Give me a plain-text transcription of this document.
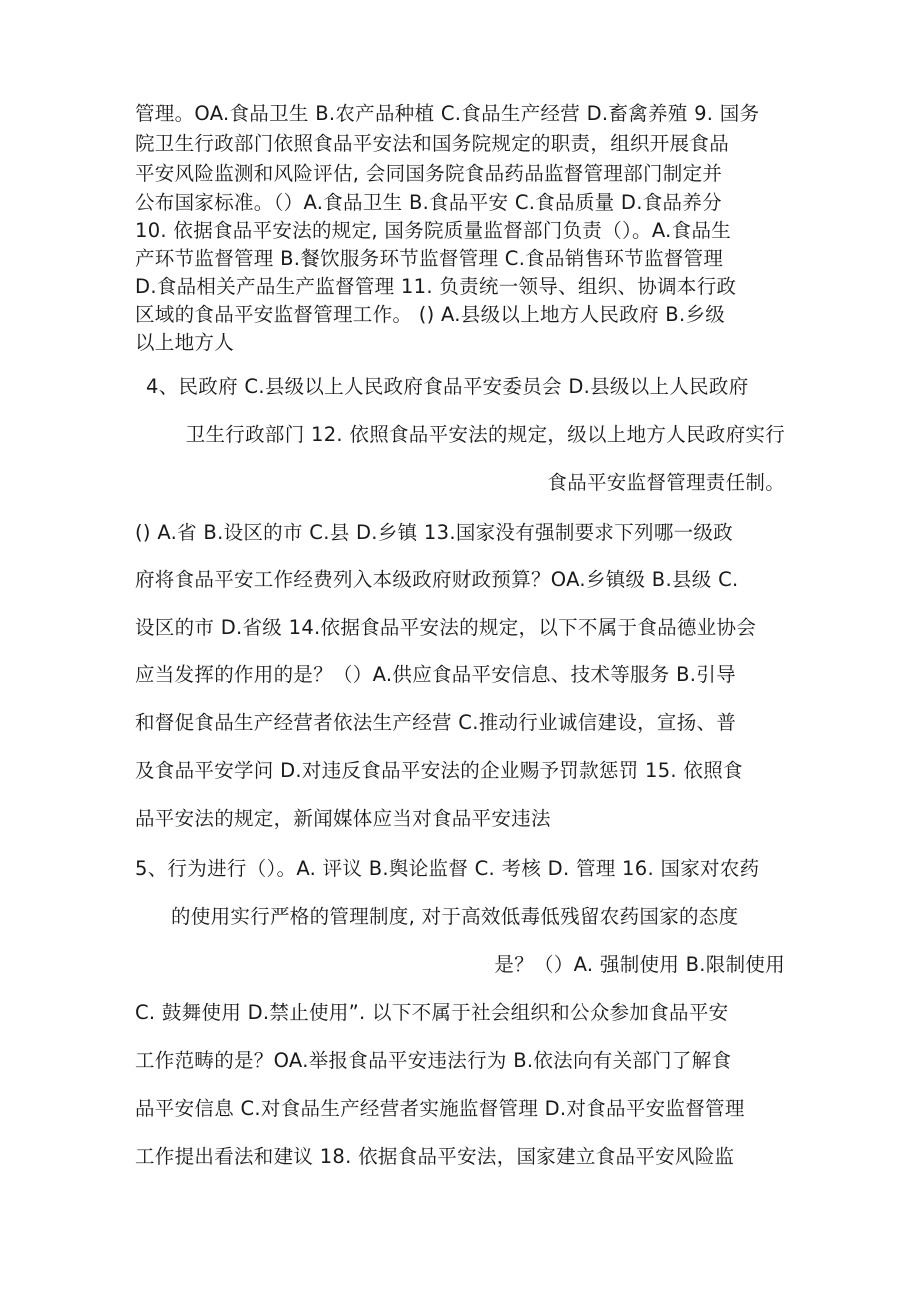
管理。OA.食品卫生 B.农产品种植 C.食品生产经营 D.畜禽养殖 9. 国务

院卫生行政部门依照食品平安法和国务院规定的职责，组织开展食品

平安风险监测和风险评估, 会同国务院食品药品监督管理部门制定并

公布国家标准。（）A.食品卫生 B.食品平安 C.食品质量 D.食品养分

10. 依据食品平安法的规定, 国务院质量监督部门负责（）。A.食品生

产环节监督管理 B.餐饮服务环节监督管理 C.食品销售环节监督管理

D.食品相关产品生产监督管理 11. 负责统一领导、组织、协调本行政

区域的食品平安监督管理工作。 () A.县级以上地方人民政府 B.乡级

以上地方人

4、民政府 C.县级以上人民政府食品平安委员会 D.县级以上人民政府

卫生行政部门 12. 依照食品平安法的规定，级以上地方人民政府实行

食品平安监督管理责任制。

() A.省 B.设区的市 C.县 D.乡镇 13.国家没有强制要求下列哪一级政

府将食品平安工作经费列入本级政府财政预算？OA.乡镇级 B.县级 C.

设区的市 D.省级 14.依据食品平安法的规定，以下不属于食品德业协会

应当发挥的作用的是？（）A.供应食品平安信息、技术等服务 B.引导

和督促食品生产经营者依法生产经营 C.推动行业诚信建设，宣扬、普

及食品平安学问 D.对违反食品平安法的企业赐予罚款惩罚 15. 依照食

品平安法的规定，新闻媒体应当对食品平安违法

5、行为进行（）。A. 评议 B.舆论监督 C. 考核 D. 管理 16. 国家对农药

的使用实行严格的管理制度, 对于高效低毒低残留农药国家的态度

是？（）A. 强制使用 B.限制使用

C. 鼓舞使用 D.禁止使用”. 以下不属于社会组织和公众参加食品平安

工作范畴的是？OA.举报食品平安违法行为 B.依法向有关部门了解食

品平安信息 C.对食品生产经营者实施监督管理 D.对食品平安监督管理

工作提出看法和建议 18. 依据食品平安法，国家建立食品平安风险监
